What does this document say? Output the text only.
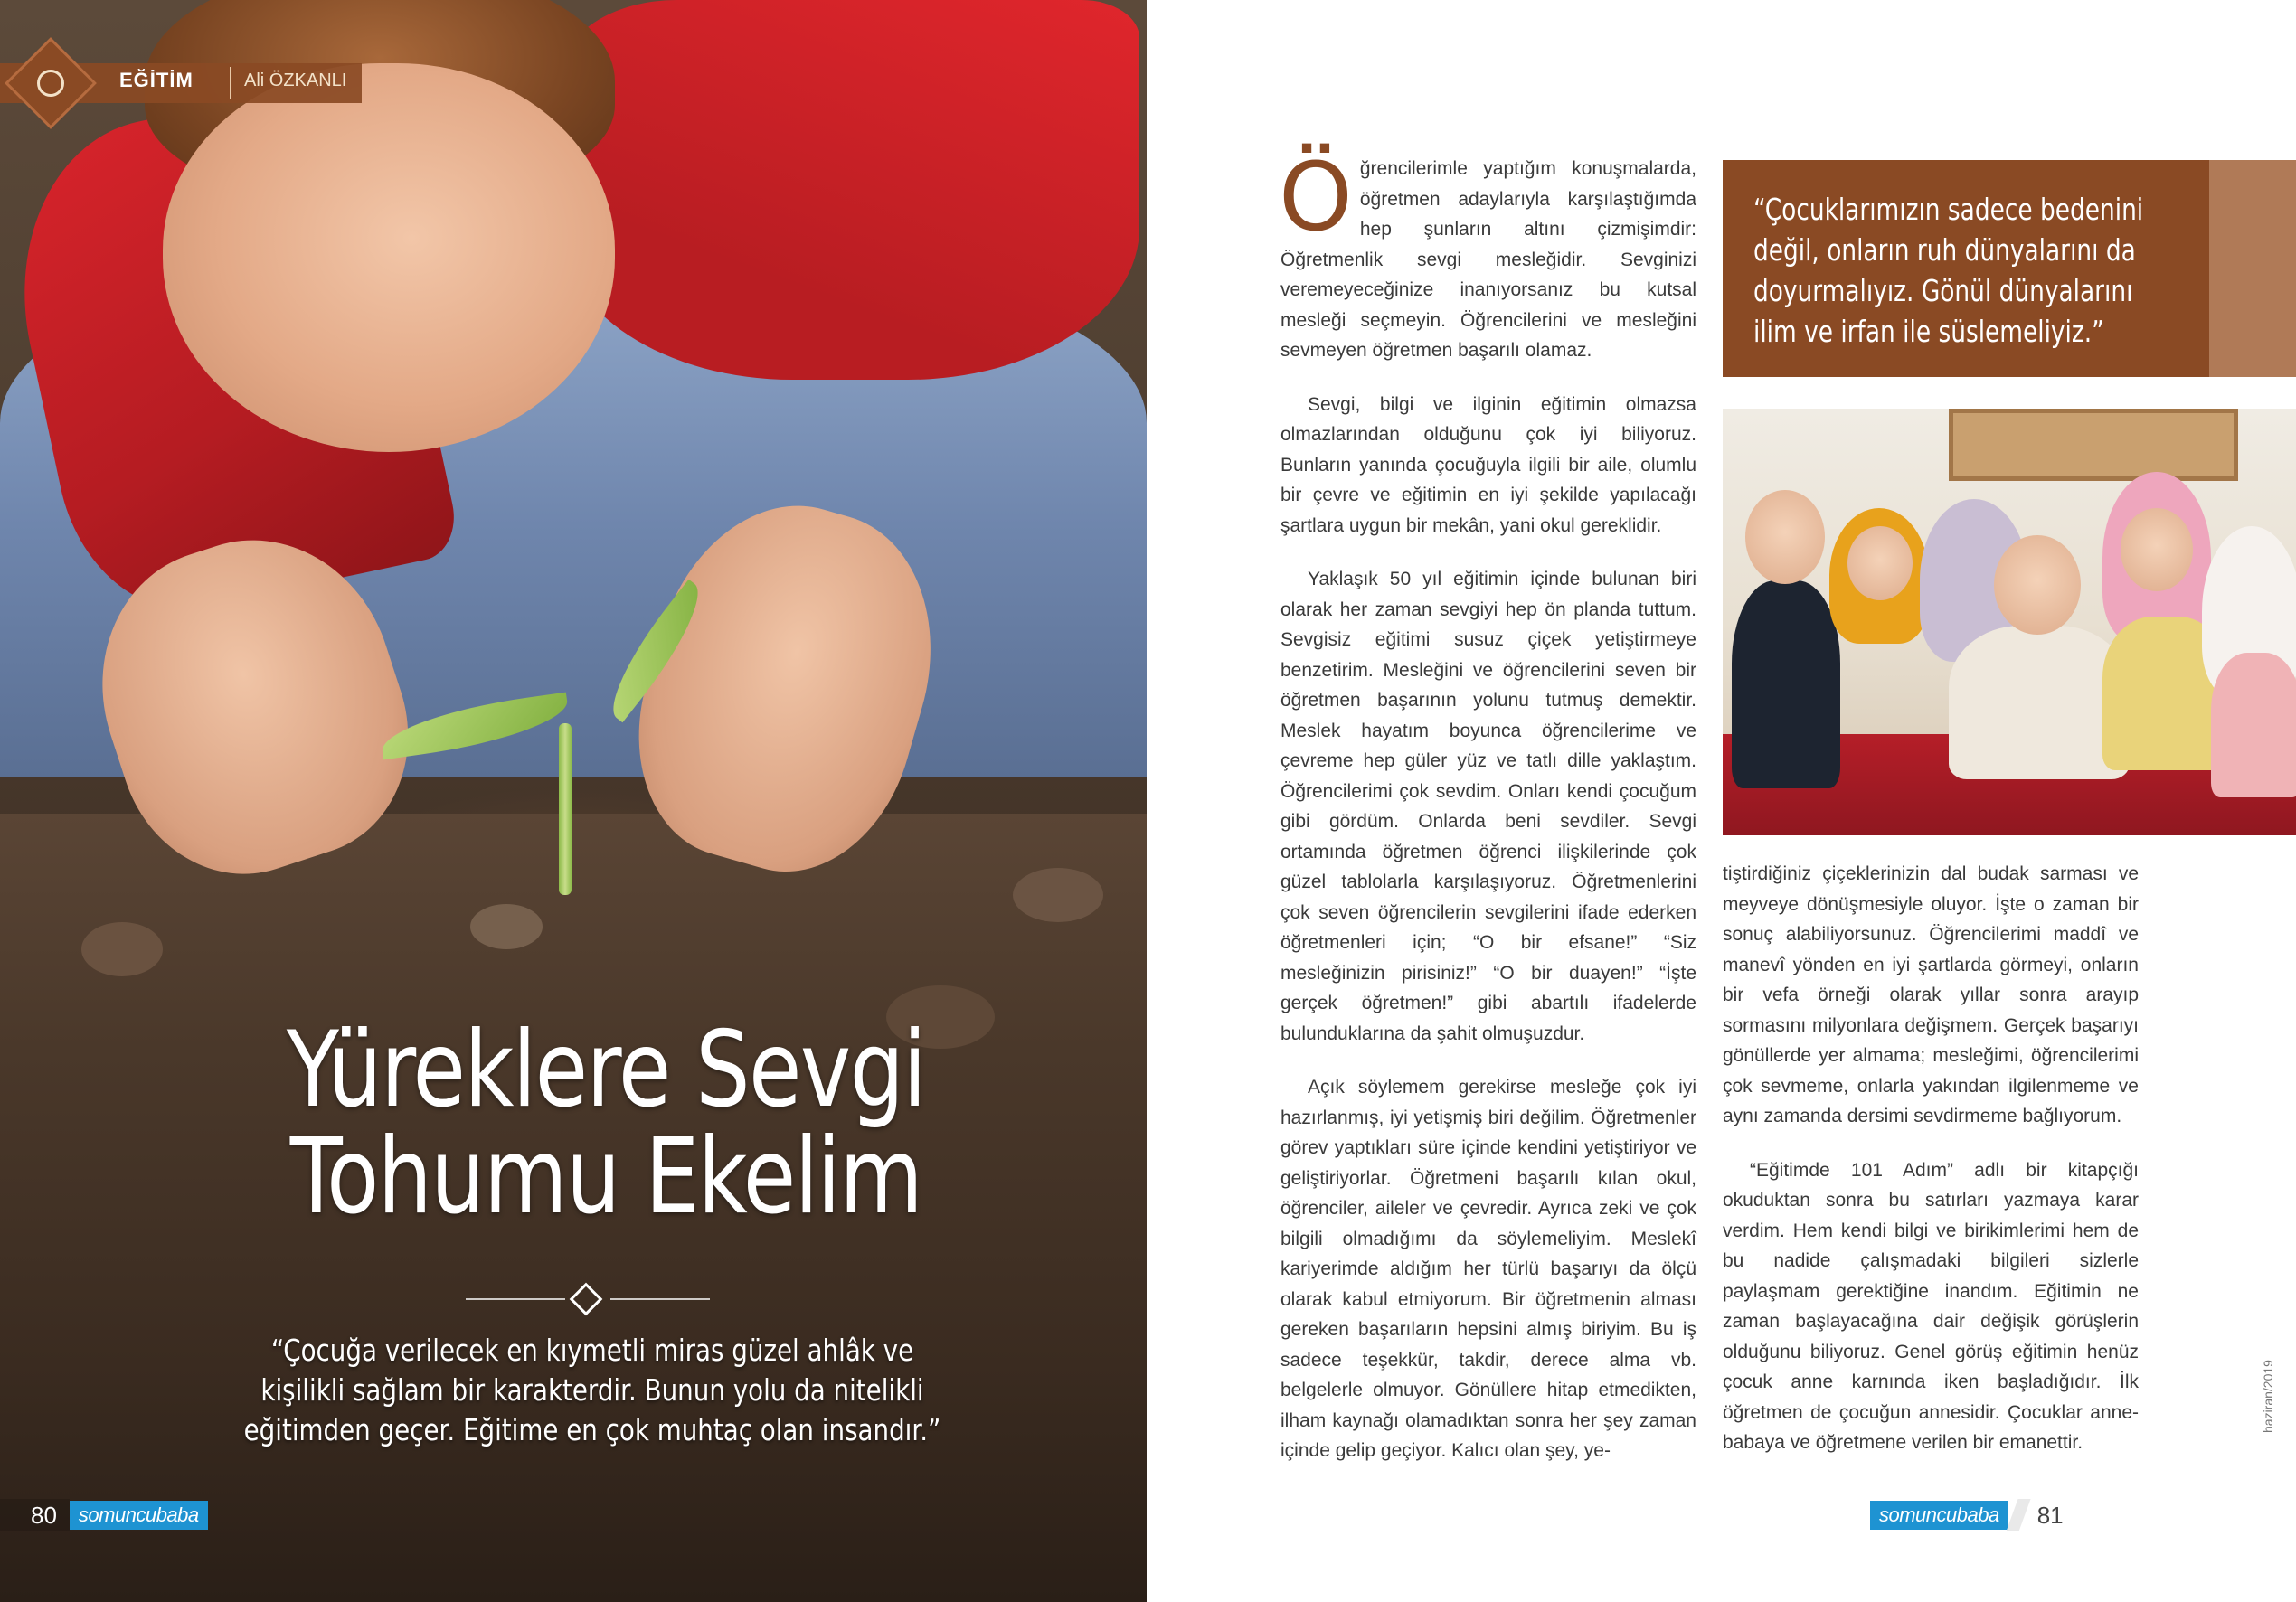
EĞİTİM	Ali ÖZKANLI
Yüreklere Sevgi
Tohumu Ekelim
“Çocuğa verilecek en kıymetli miras güzel ahlâk ve kişilikli sağlam bir karakterdir. Bunun yolu da nitelikli eğitimden geçer. Eğitime en çok muhtaç olan insandır.”
80	somuncubaba

Öğrencilerimle yaptığım konuşmalarda, öğretmen adaylarıyla karşılaştığımda hep şunların altını çizmişimdir: Öğretmenlik sevgi mesleğidir. Sevginizi veremeyeceğinize inanıyorsanız bu kutsal mesleği seçmeyin. Öğrencilerini ve mesleğini sevmeyen öğretmen başarılı olamaz.

Sevgi, bilgi ve ilginin eğitimin olmazsa olmazlarından olduğunu çok iyi biliyoruz. Bunların yanında çocuğuyla ilgili bir aile, olumlu bir çevre ve eğitimin en iyi şekilde yapılacağı şartlara uygun bir mekân, yani okul gereklidir.

Yaklaşık 50 yıl eğitimin içinde bulunan biri olarak her zaman sevgiyi hep ön planda tuttum. Sevgisiz eğitimi susuz çiçek yetiştirmeye benzetirim. Mesleğini ve öğrencilerini seven bir öğretmen başarının yolunu tutmuş demektir. Meslek hayatım boyunca öğrencilerime ve çevreme hep güler yüz ve tatlı dille yaklaştım. Öğrencilerimi çok sevdim. Onları kendi çocuğum gibi gördüm. Onlarda beni sevdiler. Sevgi ortamında öğretmen öğrenci ilişkilerinde çok güzel tablolarla karşılaşıyoruz. Öğretmenlerini çok seven öğrencilerin sevgilerini ifade ederken öğretmenleri için; “O bir efsane!” “Siz mesleğinizin pirisiniz!” “O bir duayen!” “İşte gerçek öğretmen!” gibi abartılı ifadelerde bulunduklarına da şahit olmuşuzdur.

Açık söylemem gerekirse mesleğe çok iyi hazırlanmış, iyi yetişmiş biri değilim. Öğretmenler görev yaptıkları süre içinde kendini yetiştiriyor ve geliştiriyorlar. Öğretmeni başarılı kılan okul, öğrenciler, aileler ve çevredir. Ayrıca zeki ve çok bilgili olmadığımı da söylemeliyim. Meslekî kariyerimde aldığım her türlü başarıyı da ölçü olarak kabul etmiyorum. Bir öğretmenin alması gereken başarıların hepsini almış biriyim. Bu iş sadece teşekkür, takdir, derece alma vb. belgelerle olmuyor. Gönüllere hitap etmedikten, ilham kaynağı olamadıktan sonra her şey zaman içinde gelip geçiyor. Kalıcı olan şey, ye-

“Çocuklarımızın sadece bedenini değil, onların ruh dünyalarını da doyurmalıyız. Gönül dünyalarını ilim ve irfan ile süslemeliyiz.”

tiştirdiğiniz çiçeklerinizin dal budak sarması ve meyveye dönüşmesiyle oluyor. İşte o zaman bir sonuç alabiliyorsunuz. Öğrencilerimi maddî ve manevî yönden en iyi şartlarda görmeyi, onların bir vefa örneği olarak yıllar sonra arayıp sormasını milyonlara değişmem. Gerçek başarıyı gönüllerde yer almama; mesleğimi, öğrencilerimi çok sevmeme, onlarla yakından ilgilenmeme ve aynı zamanda dersimi sevdirmeme bağlıyorum.

“Eğitimde 101 Adım” adlı bir kitapçığı okuduktan sonra bu satırları yazmaya karar verdim. Hem kendi bilgi ve birikimlerimi hem de bu nadide çalışmadaki bilgileri sizlerle paylaşmam gerektiğine inandım. Eğitimin ne zaman başlayacağına dair değişik görüşlerin olduğunu biliyoruz. Genel görüş eğitimin henüz çocuk anne karnında iken başladığıdır. İlk öğretmen de çocuğun annesidir. Çocuklar anne-babaya ve öğretmene verilen bir emanettir.

haziran/2019
somuncubaba	81
